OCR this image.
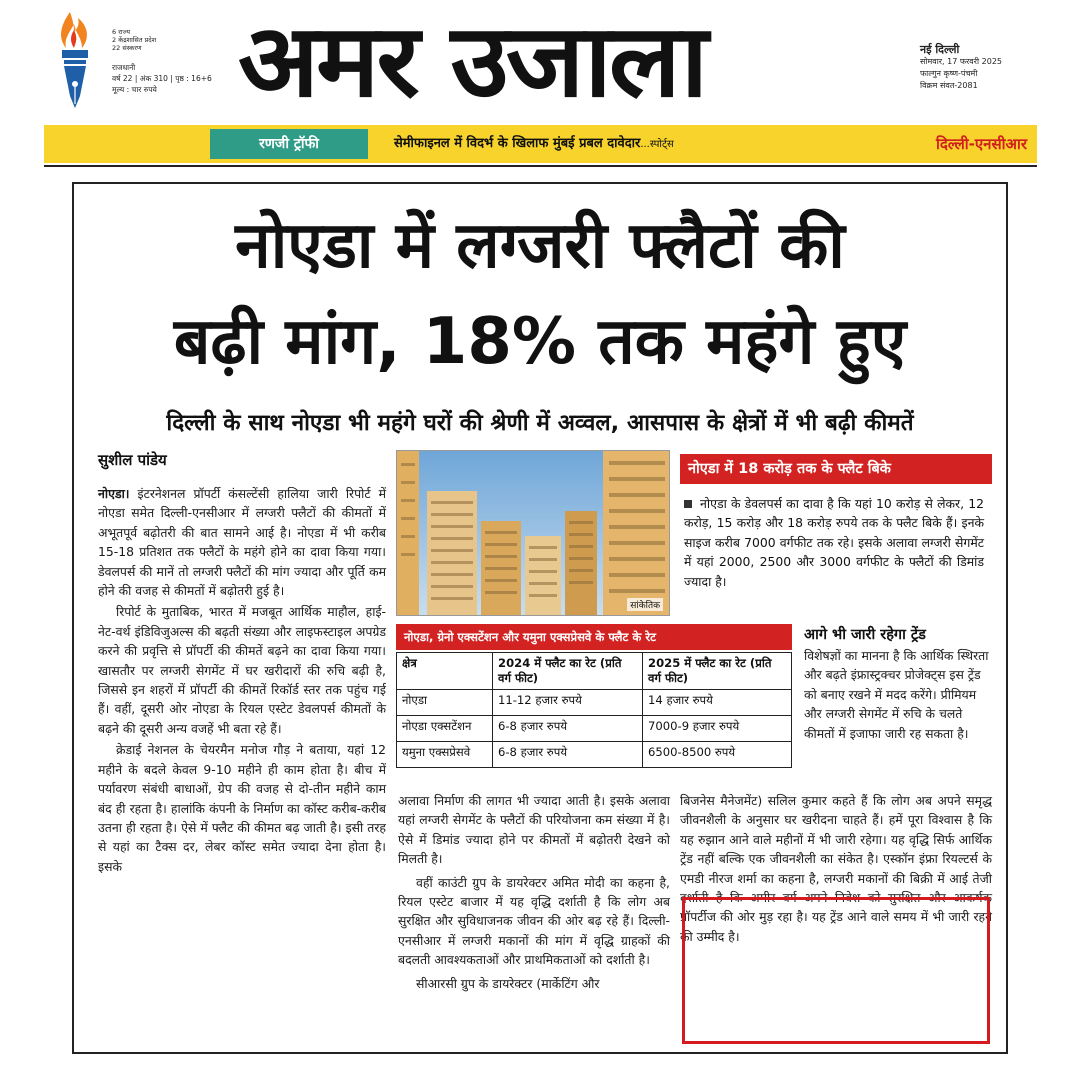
6 राज्य
2 केंद्रशासित प्रदेश
22 संस्करण
राजधानी
वर्ष 22 | अंक 310 | पृष्ठ : 16+6
मूल्य : चार रुपये अमर उजाला	नई दिल्ली
सोमवार, 17 फरवरी 2025
फाल्गुन कृष्ण-पंचमी
विक्रम संवत-2081
रणजी ट्रॉफी	सेमीफाइनल में विदर्भ के खिलाफ मुंबई प्रबल दावेदार...स्पोर्ट्स	दिल्ली-एनसीआर
नोएडा में लग्जरी फ्लैटों की
बढ़ी मांग, 18% तक महंगे हुए
दिल्ली के साथ नोएडा भी महंगे घरों की श्रेणी में अव्वल, आसपास के क्षेत्रों में भी बढ़ी कीमतें
सुशील पांडेय

नोएडा। इंटरनेशनल प्रॉपर्टी कंसल्टेंसी हालिया जारी रिपोर्ट में नोएडा समेत दिल्ली-एनसीआर में लग्जरी फ्लैटों की कीमतों में अभूतपूर्व बढ़ोतरी की बात सामने आई है। नोएडा में भी करीब 15-18 प्रतिशत तक फ्लैटों के महंगे होने का दावा किया गया। डेवलपर्स की मानें तो लग्जरी फ्लैटों की मांग ज्यादा और पूर्ति कम होने की वजह से कीमतों में बढ़ोतरी हुई है।

रिपोर्ट के मुताबिक, भारत में मजबूत आर्थिक माहौल, हाई-नेट-वर्थ इंडिविजुअल्स की बढ़ती संख्या और लाइफस्टाइल अपग्रेड करने की प्रवृत्ति से प्रॉपर्टी की कीमतें बढ़ने का दावा किया गया। खासतौर पर लग्जरी सेगमेंट में घर खरीदारों की रुचि बढ़ी है, जिससे इन शहरों में प्रॉपर्टी की कीमतें रिकॉर्ड स्तर तक पहुंच गई हैं। वहीं, दूसरी ओर नोएडा के रियल एस्टेट डेवलपर्स कीमतों के बढ़ने की दूसरी अन्य वजहें भी बता रहे हैं।

क्रेडाई नेशनल के चेयरमैन मनोज गौड़ ने बताया, यहां 12 महीने के बदले केवल 9-10 महीने ही काम होता है। बीच में पर्यावरण संबंधी बाधाओं, ग्रेप की वजह से दो-तीन महीने काम बंद ही रहता है। हालांकि कंपनी के निर्माण का कॉस्ट करीब-करीब उतना ही रहता है। ऐसे में फ्लैट की कीमत बढ़ जाती है। इसी तरह से यहां का टैक्स दर, लेबर कॉस्ट समेत ज्यादा देना होता है। इसके

सांकेतिक
नोएडा में 18 करोड़ तक के फ्लैट बिके
नोएडा के डेवलपर्स का दावा है कि यहां 10 करोड़ से लेकर, 12 करोड़, 15 करोड़ और 18 करोड़ रुपये तक के फ्लैट बिके हैं। इनके साइज करीब 7000 वर्गफीट तक रहे। इसके अलावा लग्जरी सेगमेंट में यहां 2000, 2500 और 3000 वर्गफीट के फ्लैटों की डिमांड ज्यादा है।
नोएडा, ग्रेनो एक्सटेंशन और यमुना एक्सप्रेसवे के फ्लैट के रेट
क्षेत्र	2024 में फ्लैट का रेट (प्रति वर्ग फीट)	2025 में फ्लैट का रेट (प्रति वर्ग फीट)
नोएडा	11-12 हजार रुपये	14 हजार रुपये
नोएडा एक्सटेंशन	6-8 हजार रुपये	7000-9 हजार रुपये
यमुना एक्सप्रेसवे	6-8 हजार रुपये	6500-8500 रुपये
आगे भी जारी रहेगा ट्रेंड
विशेषज्ञों का मानना है कि आर्थिक स्थिरता और बढ़ते इंफ्रास्ट्रक्चर प्रोजेक्ट्स इस ट्रेंड को बनाए रखने में मदद करेंगे। प्रीमियम और लग्जरी सेगमेंट में रुचि के चलते कीमतों में इजाफा जारी रह सकता है।

अलावा निर्माण की लागत भी ज्यादा आती है। इसके अलावा यहां लग्जरी सेगमेंट के फ्लैटों की परियोजना कम संख्या में है। ऐसे में डिमांड ज्यादा होने पर कीमतों में बढ़ोतरी देखने को मिलती है।

वहीं काउंटी ग्रुप के डायरेक्टर अमित मोदी का कहना है, रियल एस्टेट बाजार में यह वृद्धि दर्शाती है कि लोग अब सुरक्षित और सुविधाजनक जीवन की ओर बढ़ रहे हैं। दिल्ली-एनसीआर में लग्जरी मकानों की मांग में वृद्धि ग्राहकों की बदलती आवश्यकताओं और प्राथमिकताओं को दर्शाती है।

सीआरसी ग्रुप के डायरेक्टर (मार्केटिंग और

बिजनेस मैनेजमेंट) सलिल कुमार कहते हैं कि लोग अब अपने समृद्ध जीवनशैली के अनुसार घर खरीदना चाहते हैं। हमें पूरा विश्वास है कि यह रुझान आने वाले महीनों में भी जारी रहेगा। यह वृद्धि सिर्फ आर्थिक ट्रेंड नहीं बल्कि एक जीवनशैली का संकेत है। एस्कॉन इंफ्रा रियल्टर्स के एमडी नीरज शर्मा का कहना है, लग्जरी मकानों की बिक्री में आई तेजी दर्शाती है कि अमीर वर्ग अपने निवेश को सुरक्षित और आकर्षक प्रॉपर्टीज की ओर मुड़ रहा है। यह ट्रेंड आने वाले समय में भी जारी रहने की उम्मीद है।
